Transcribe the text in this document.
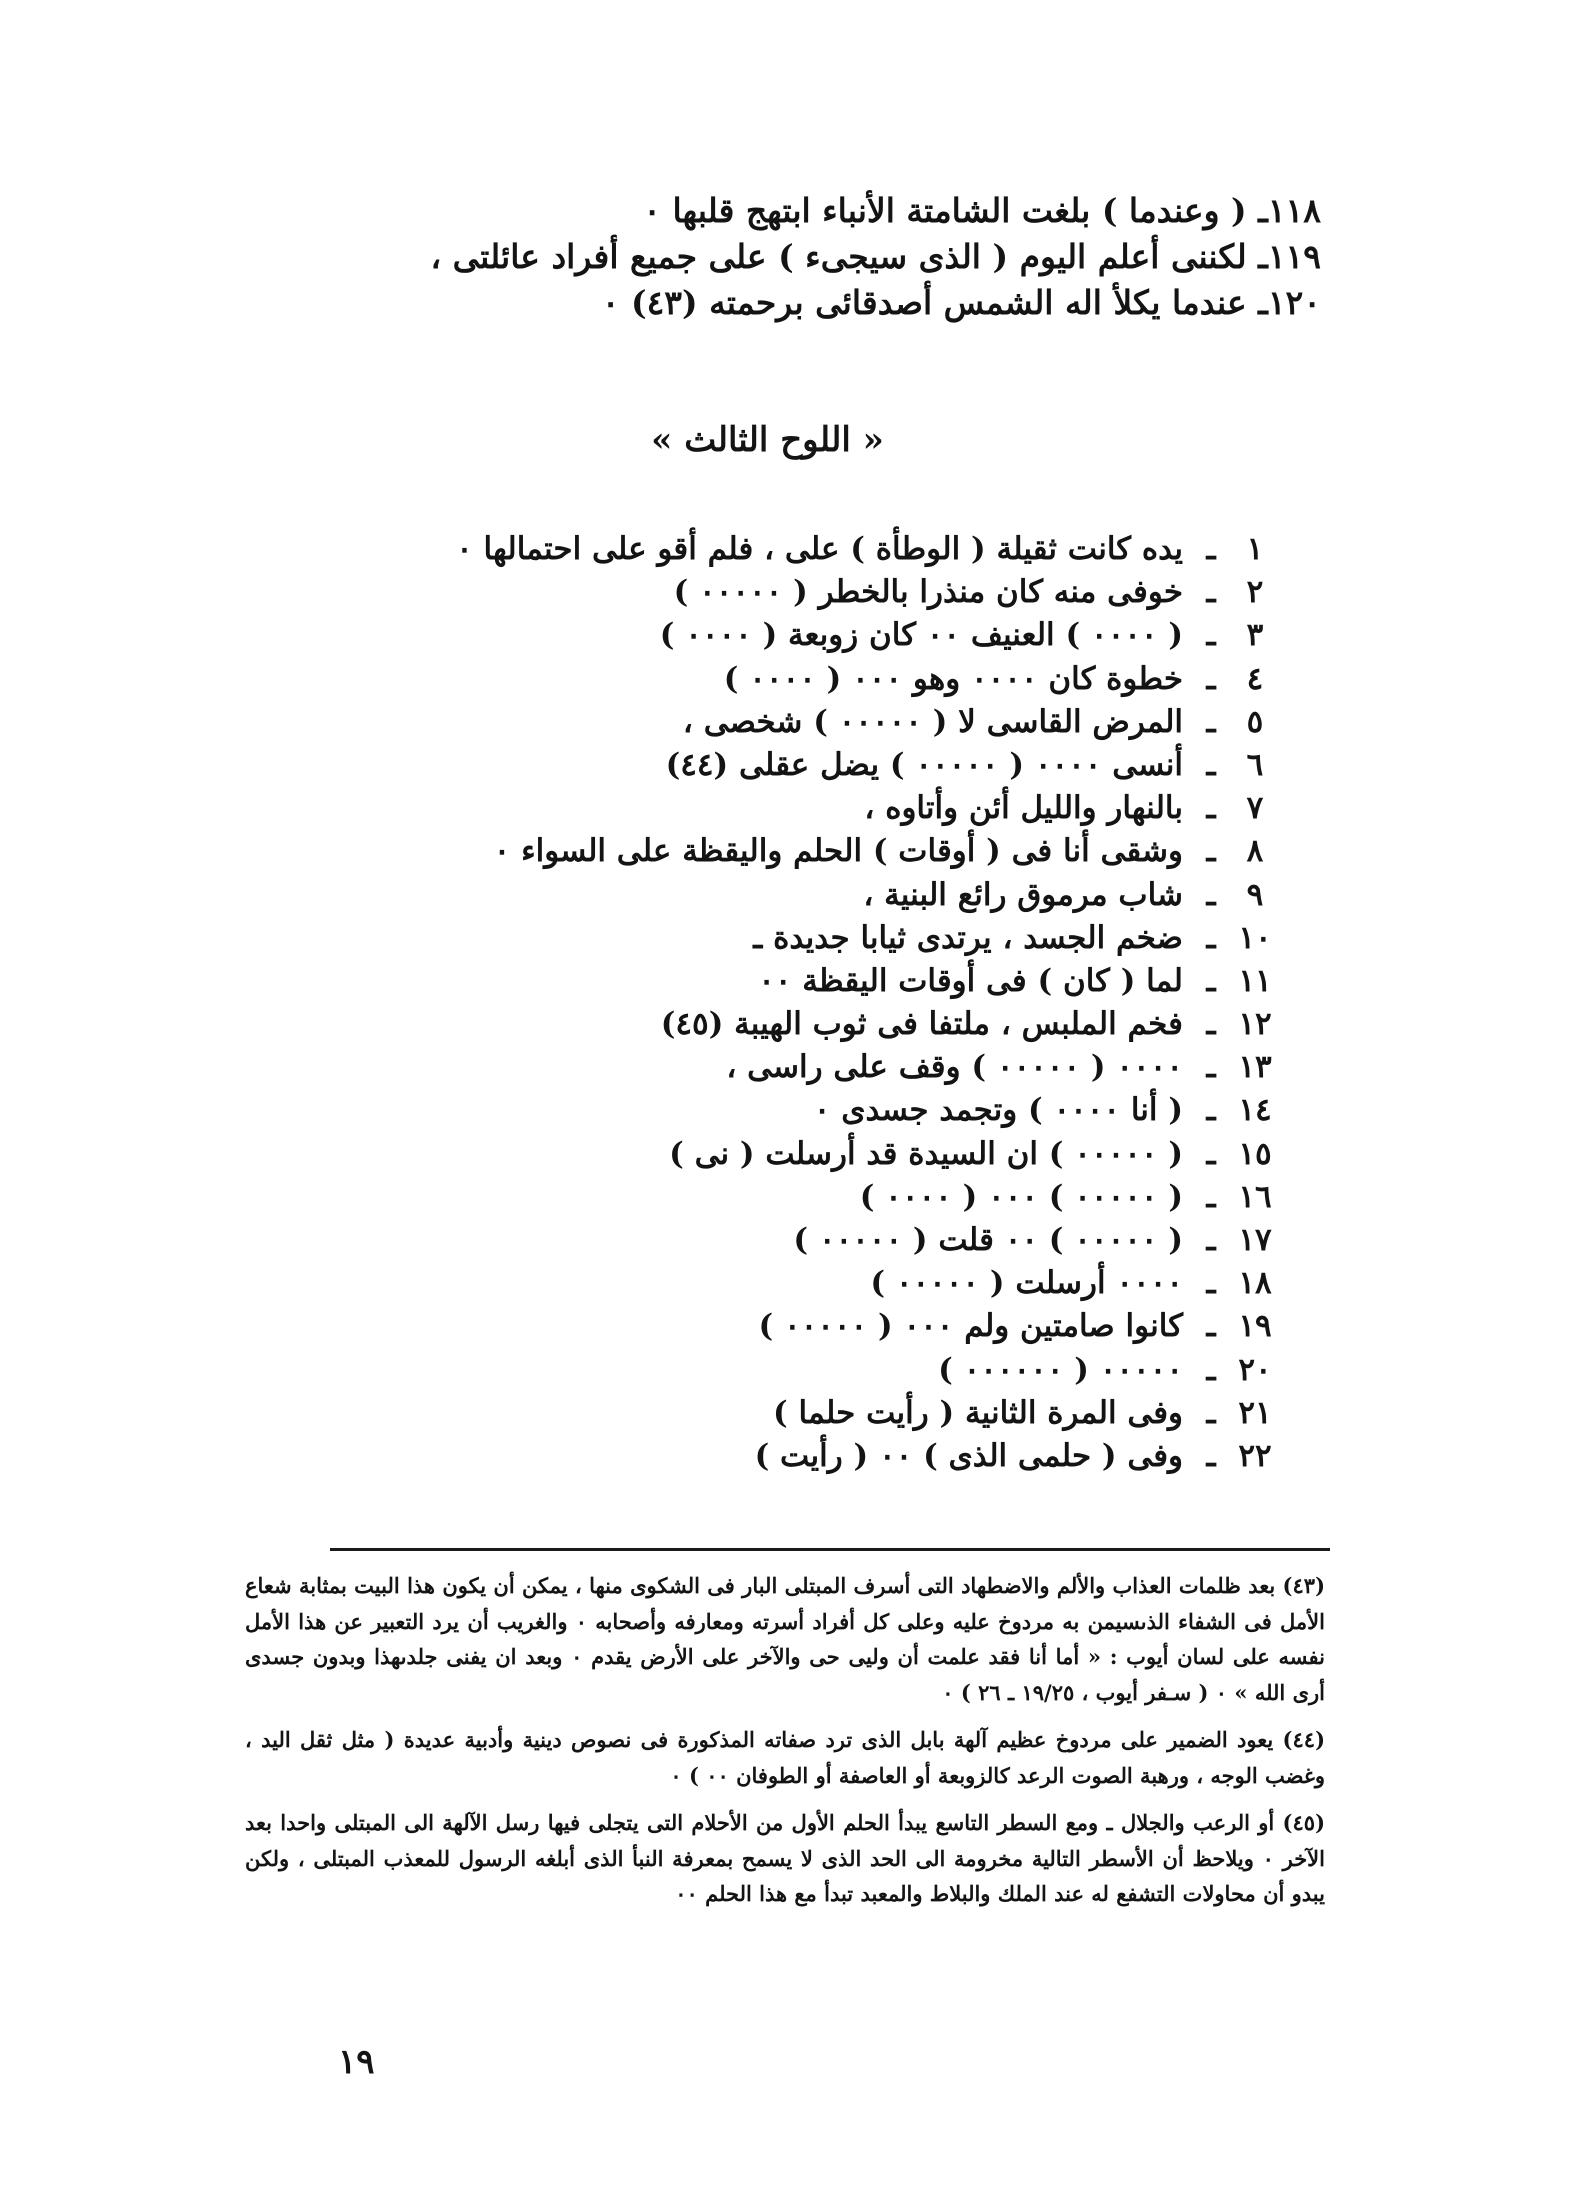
١١٨ـ ( وعندما ) بلغت الشامتة الأنباء ابتهج قلبها ٠
١١٩ـ لكننى أعلم اليوم ( الذى سيجىء ) على جميع أفراد عائلتى ،
١٢٠ـ عندما يكلأ اله الشمس أصدقائى برحمته (٤٣) ٠
« اللوح الثالث »
١
ـ
يده كانت ثقيلة ( الوطأة ) على ، فلم أقو على احتمالها ٠
٢
ـ
خوفى منه كان منذرا بالخطر ( ٠٠٠٠٠ )
٣
ـ
( ٠٠٠٠ ) العنيف ٠٠ كان زوبعة ( ٠٠٠٠ )
٤
ـ
خطوة كان ٠٠٠٠ وهو ٠٠٠ ( ٠٠٠٠ )
٥
ـ
المرض القاسى لا ( ٠٠٠٠٠ ) شخصى ،
٦
ـ
أنسى ٠٠٠٠ ( ٠٠٠٠٠ ) يضل عقلى (٤٤)
٧
ـ
بالنهار والليل أئن وأتاوه ،
٨
ـ
وشقى أنا فى ( أوقات ) الحلم واليقظة على السواء ٠
٩
ـ
شاب مرموق رائع البنية ،
١٠
ـ
ضخم الجسد ، يرتدى ثيابا جديدة ـ
١١
ـ
لما ( كان ) فى أوقات اليقظة ٠٠
١٢
ـ
فخم الملبس ، ملتفا فى ثوب الهيبة (٤٥)
١٣
ـ
٠٠٠٠ ( ٠٠٠٠٠ ) وقف على راسى ،
١٤
ـ
( أنا ٠٠٠٠ ) وتجمد جسدى ٠
١٥
ـ
( ٠٠٠٠٠ ) ان السيدة قد أرسلت ( نى )
١٦
ـ
( ٠٠٠٠٠ ) ٠٠٠ ( ٠٠٠٠ )
١٧
ـ
( ٠٠٠٠٠ ) ٠٠ قلت ( ٠٠٠٠٠ )
١٨
ـ
٠٠٠٠ أرسلت ( ٠٠٠٠٠ )
١٩
ـ
كانوا صامتين ولم ٠٠٠ ( ٠٠٠٠٠ )
٢٠
ـ
٠٠٠٠٠ ( ٠٠٠٠٠٠ )
٢١
ـ
وفى المرة الثانية ( رأيت حلما )
٢٢
ـ
وفى ( حلمى الذى ) ٠٠ ( رأيت )

(٤٣) بعد ظلمات العذاب والألم والاضطهاد التى أسرف المبتلى البار فى الشكوى منها ، يمكن أن يكون هذا البيت بمثابة شعاع الأمل فى الشفاء الذىسيمن به مردوخ عليه وعلى كل أفراد أسرته ومعارفه وأصحابه ٠ والغريب أن يرد التعبير عن هذا الأمل نفسه على لسان أيوب : « أما أنا فقد علمت أن وليى حى والآخر على الأرض يقدم ٠ وبعد ان يفنى جلدىهذا وبدون جسدى أرى الله » ٠ ( سـفر أيوب ، ١٩/٢٥ ـ ٢٦ ) ٠

(٤٤) يعود الضمير على مردوخ عظيم آلهة بابل الذى ترد صفاته المذكورة فى نصوص دينية وأدبية عديدة ( مثل ثقل اليد ، وغضب الوجه ، ورهبة الصوت الرعد كالزوبعة أو العاصفة أو الطوفان ٠٠ ) ٠

(٤٥) أو الرعب والجلال ـ ومع السطر التاسع يبدأ الحلم الأول من الأحلام التى يتجلى فيها رسل الآلهة الى المبتلى واحدا بعد الآخر ٠ ويلاحظ أن الأسطر التالية مخرومة الى الحد الذى لا يسمح بمعرفة النبأ الذى أبلغه الرسول للمعذب المبتلى ، ولكن يبدو أن محاولات التشفع له عند الملك والبلاط والمعبد تبدأ مع هذا الحلم ٠٠

١٩
